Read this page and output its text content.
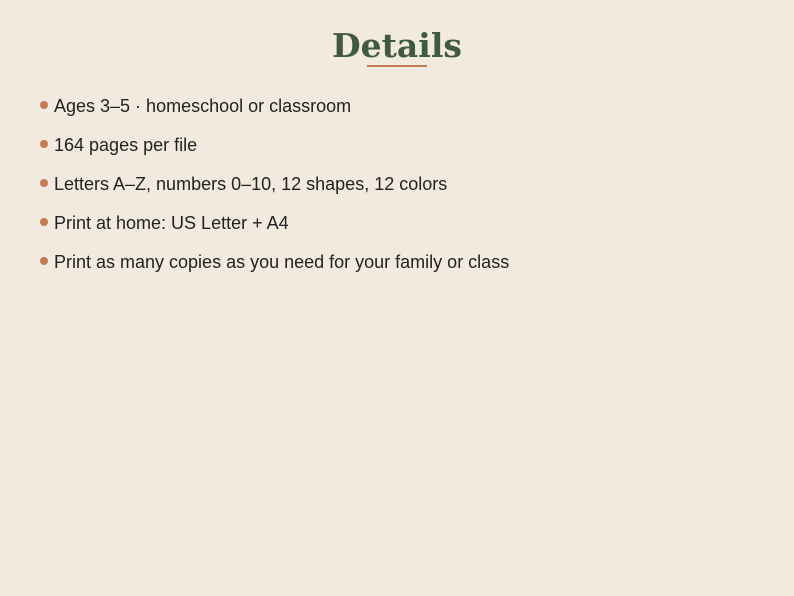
Details
Ages 3–5 · homeschool or classroom
164 pages per file
Letters A–Z, numbers 0–10, 12 shapes, 12 colors
Print at home: US Letter + A4
Print as many copies as you need for your family or class
